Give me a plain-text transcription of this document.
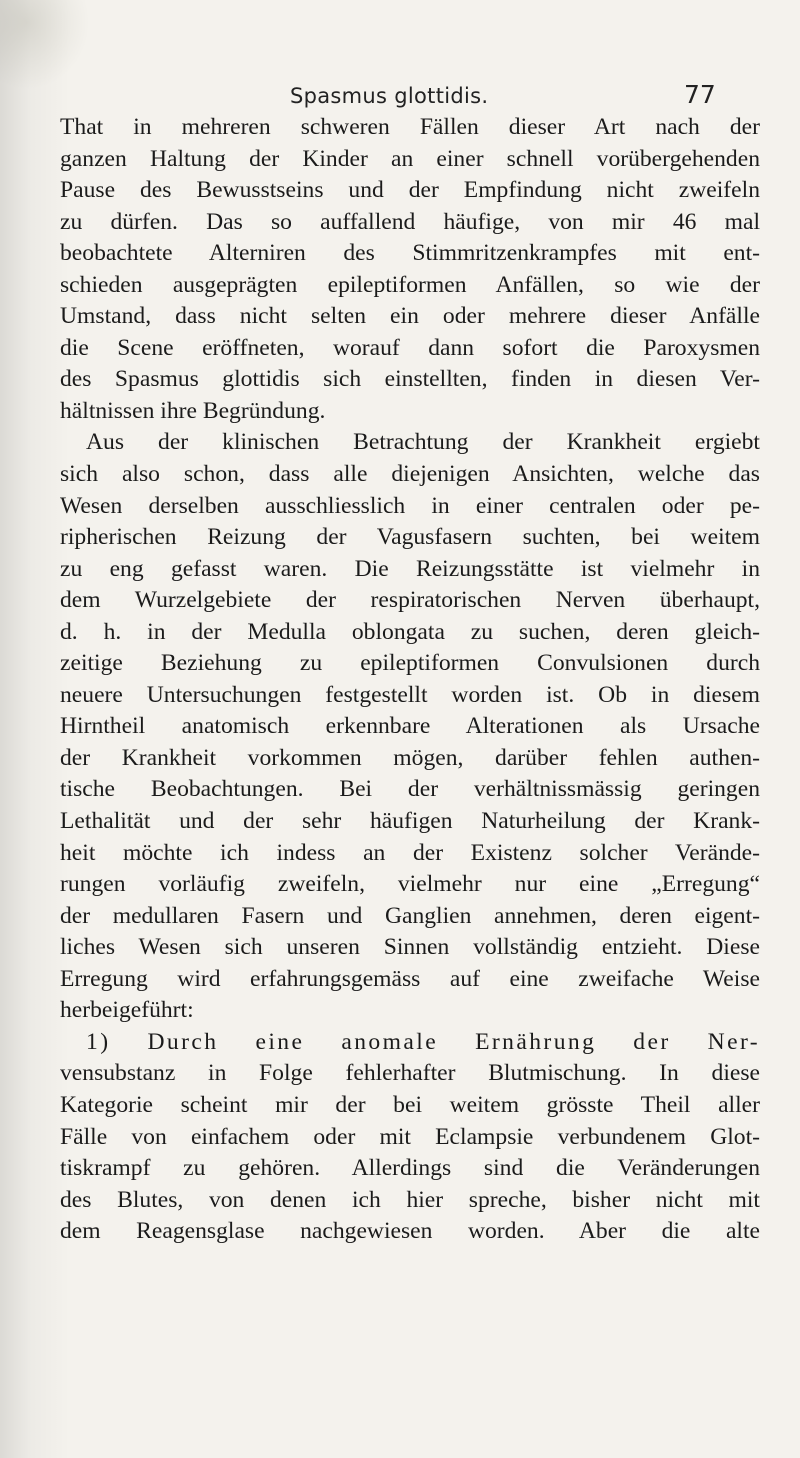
Spasmus glottidis.	77
That in mehreren schweren Fällen dieser Art nach der
ganzen Haltung der Kinder an einer schnell vorübergehenden
Pause des Bewusstseins und der Empfindung nicht zweifeln
zu dürfen. Das so auffallend häufige, von mir 46 mal
beobachtete Alterniren des Stimmritzenkrampfes mit ent-
schieden ausgeprägten epileptiformen Anfällen, so wie der
Umstand, dass nicht selten ein oder mehrere dieser Anfälle
die Scene eröffneten, worauf dann sofort die Paroxysmen
des Spasmus glottidis sich einstellten, finden in diesen Ver-
hältnissen ihre Begründung.
Aus der klinischen Betrachtung der Krankheit ergiebt
sich also schon, dass alle diejenigen Ansichten, welche das
Wesen derselben ausschliesslich in einer centralen oder pe-
ripherischen Reizung der Vagusfasern suchten, bei weitem
zu eng gefasst waren. Die Reizungsstätte ist vielmehr in
dem Wurzelgebiete der respiratorischen Nerven überhaupt,
d. h. in der Medulla oblongata zu suchen, deren gleich-
zeitige Beziehung zu epileptiformen Convulsionen durch
neuere Untersuchungen festgestellt worden ist. Ob in diesem
Hirntheil anatomisch erkennbare Alterationen als Ursache
der Krankheit vorkommen mögen, darüber fehlen authen-
tische Beobachtungen. Bei der verhältnissmässig geringen
Lethalität und der sehr häufigen Naturheilung der Krank-
heit möchte ich indess an der Existenz solcher Verände-
rungen vorläufig zweifeln, vielmehr nur eine „Erregung“
der medullaren Fasern und Ganglien annehmen, deren eigent-
liches Wesen sich unseren Sinnen vollständig entzieht. Diese
Erregung wird erfahrungsgemäss auf eine zweifache Weise
herbeigeführt:
1) Durch eine anomale Ernährung der Ner-
vensubstanz in Folge fehlerhafter Blutmischung. In diese
Kategorie scheint mir der bei weitem grösste Theil aller
Fälle von einfachem oder mit Eclampsie verbundenem Glot-
tiskrampf zu gehören. Allerdings sind die Veränderungen
des Blutes, von denen ich hier spreche, bisher nicht mit
dem Reagensglase nachgewiesen worden. Aber die alte
